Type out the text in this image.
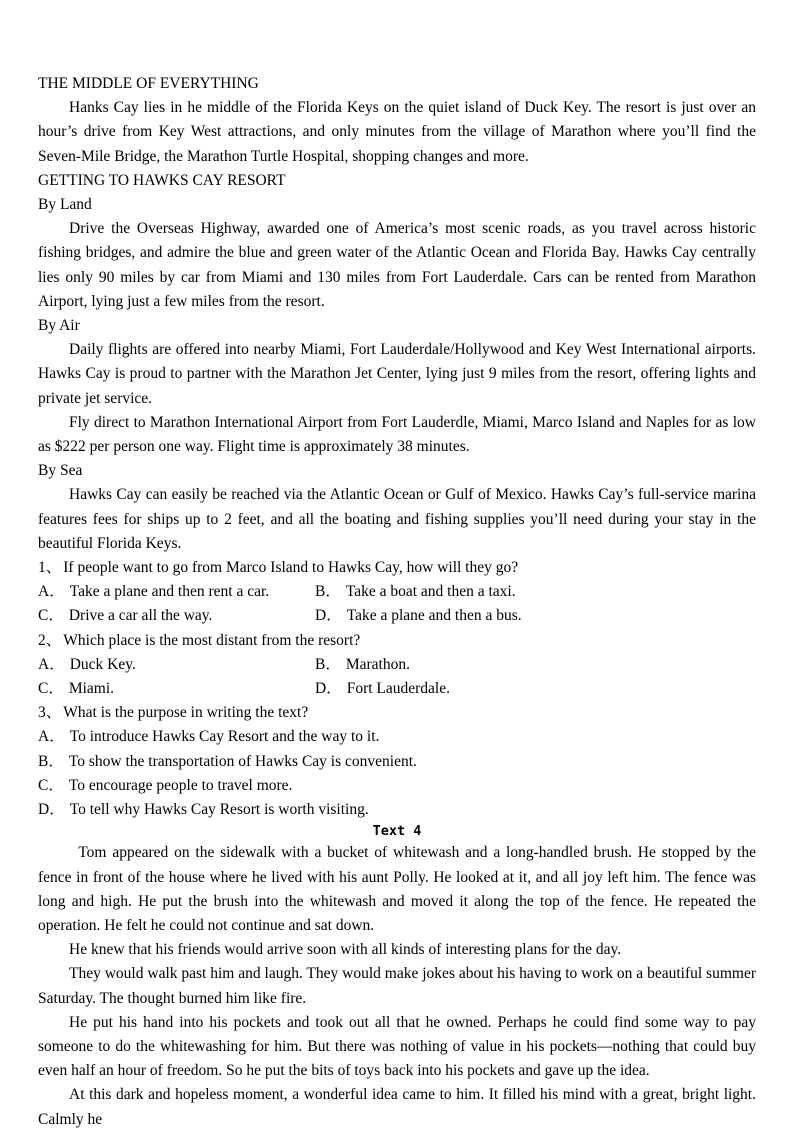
THE MIDDLE OF EVERYTHING

Hanks Cay lies in he middle of the Florida Keys on the quiet island of Duck Key. The resort is just over an hour’s drive from Key West attractions, and only minutes from the village of Marathon where you’ll find the Seven-Mile Bridge, the Marathon Turtle Hospital, shopping changes and more.

GETTING TO HAWKS CAY RESORT
By Land

Drive the Overseas Highway, awarded one of America’s most scenic roads, as you travel across historic fishing bridges, and admire the blue and green water of the Atlantic Ocean and Florida Bay. Hawks Cay centrally lies only 90 miles by car from Miami and 130 miles from Fort Lauderdale. Cars can be rented from Marathon Airport, lying just a few miles from the resort.

By Air

Daily flights are offered into nearby Miami, Fort Lauderdale/Hollywood and Key West International airports. Hawks Cay is proud to partner with the Marathon Jet Center, lying just 9 miles from the resort, offering lights and private jet service.

Fly direct to Marathon International Airport from Fort Lauderdle, Miami, Marco Island and Naples for as low as $222 per person one way. Flight time is approximately 38 minutes.

By Sea

Hawks Cay can easily be reached via the Atlantic Ocean or Gulf of Mexico. Hawks Cay’s full-service marina features fees for ships up to 2 feet, and all the boating and fishing supplies you’ll need during your stay in the beautiful Florida Keys.

1、 If people want to go from Marco Island to Hawks Cay, how will they go?
A． Take a plane and then rent a car.	B． Take a boat and then a taxi.
C． Drive a car all the way.	D． Take a plane and then a bus.
2、 Which place is the most distant from the resort?
A． Duck Key.	B． Marathon.
C． Miami.	D． Fort Lauderdale.
3、 What is the purpose in writing the text?
A． To introduce Hawks Cay Resort and the way to it.
B． To show the transportation of Hawks Cay is convenient.
C． To encourage people to travel more.
D． To tell why Hawks Cay Resort is worth visiting.
Text 4

Tom appeared on the sidewalk with a bucket of whitewash and a long-handled brush. He stopped by the fence in front of the house where he lived with his aunt Polly. He looked at it, and all joy left him. The fence was long and high. He put the brush into the whitewash and moved it along the top of the fence. He repeated the operation. He felt he could not continue and sat down.

He knew that his friends would arrive soon with all kinds of interesting plans for the day.

They would walk past him and laugh. They would make jokes about his having to work on a beautiful summer Saturday. The thought burned him like fire.

He put his hand into his pockets and took out all that he owned. Perhaps he could find some way to pay someone to do the whitewashing for him. But there was nothing of value in his pockets—nothing that could buy even half an hour of freedom. So he put the bits of toys back into his pockets and gave up the idea.

At this dark and hopeless moment, a wonderful idea came to him. It filled his mind with a great, bright light. Calmly he
